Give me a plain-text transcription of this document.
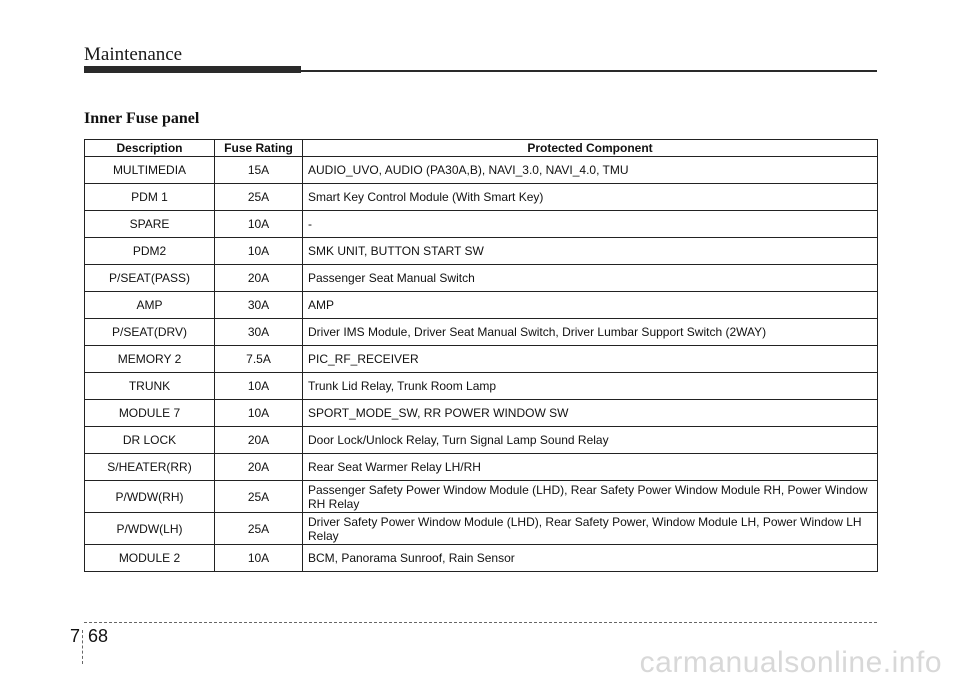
Maintenance
Inner Fuse panel
Description	Fuse Rating	Protected Component
MULTIMEDIA	15A	AUDIO_UVO, AUDIO (PA30A,B), NAVI_3.0, NAVI_4.0, TMU
PDM 1	25A	Smart Key Control Module (With Smart Key)
SPARE	10A	-
PDM2	10A	SMK UNIT, BUTTON START SW
P/SEAT(PASS)	20A	Passenger Seat Manual Switch
AMP	30A	AMP
P/SEAT(DRV)	30A	Driver IMS Module, Driver Seat Manual Switch, Driver Lumbar Support Switch (2WAY)
MEMORY 2	7.5A	PIC_RF_RECEIVER
TRUNK	10A	Trunk Lid Relay, Trunk Room Lamp
MODULE 7	10A	SPORT_MODE_SW, RR POWER WINDOW SW
DR LOCK	20A	Door Lock/Unlock Relay, Turn Signal Lamp Sound Relay
S/HEATER(RR)	20A	Rear Seat Warmer Relay LH/RH
P/WDW(RH)	25A	Passenger Safety Power Window Module (LHD), Rear Safety Power Window Module RH, Power Window RH Relay
P/WDW(LH)	25A	Driver Safety Power Window Module (LHD), Rear Safety Power, Window Module LH, Power Window LH Relay
MODULE 2	10A	BCM, Panorama Sunroof, Rain Sensor
7 68
carmanualsonline.info
